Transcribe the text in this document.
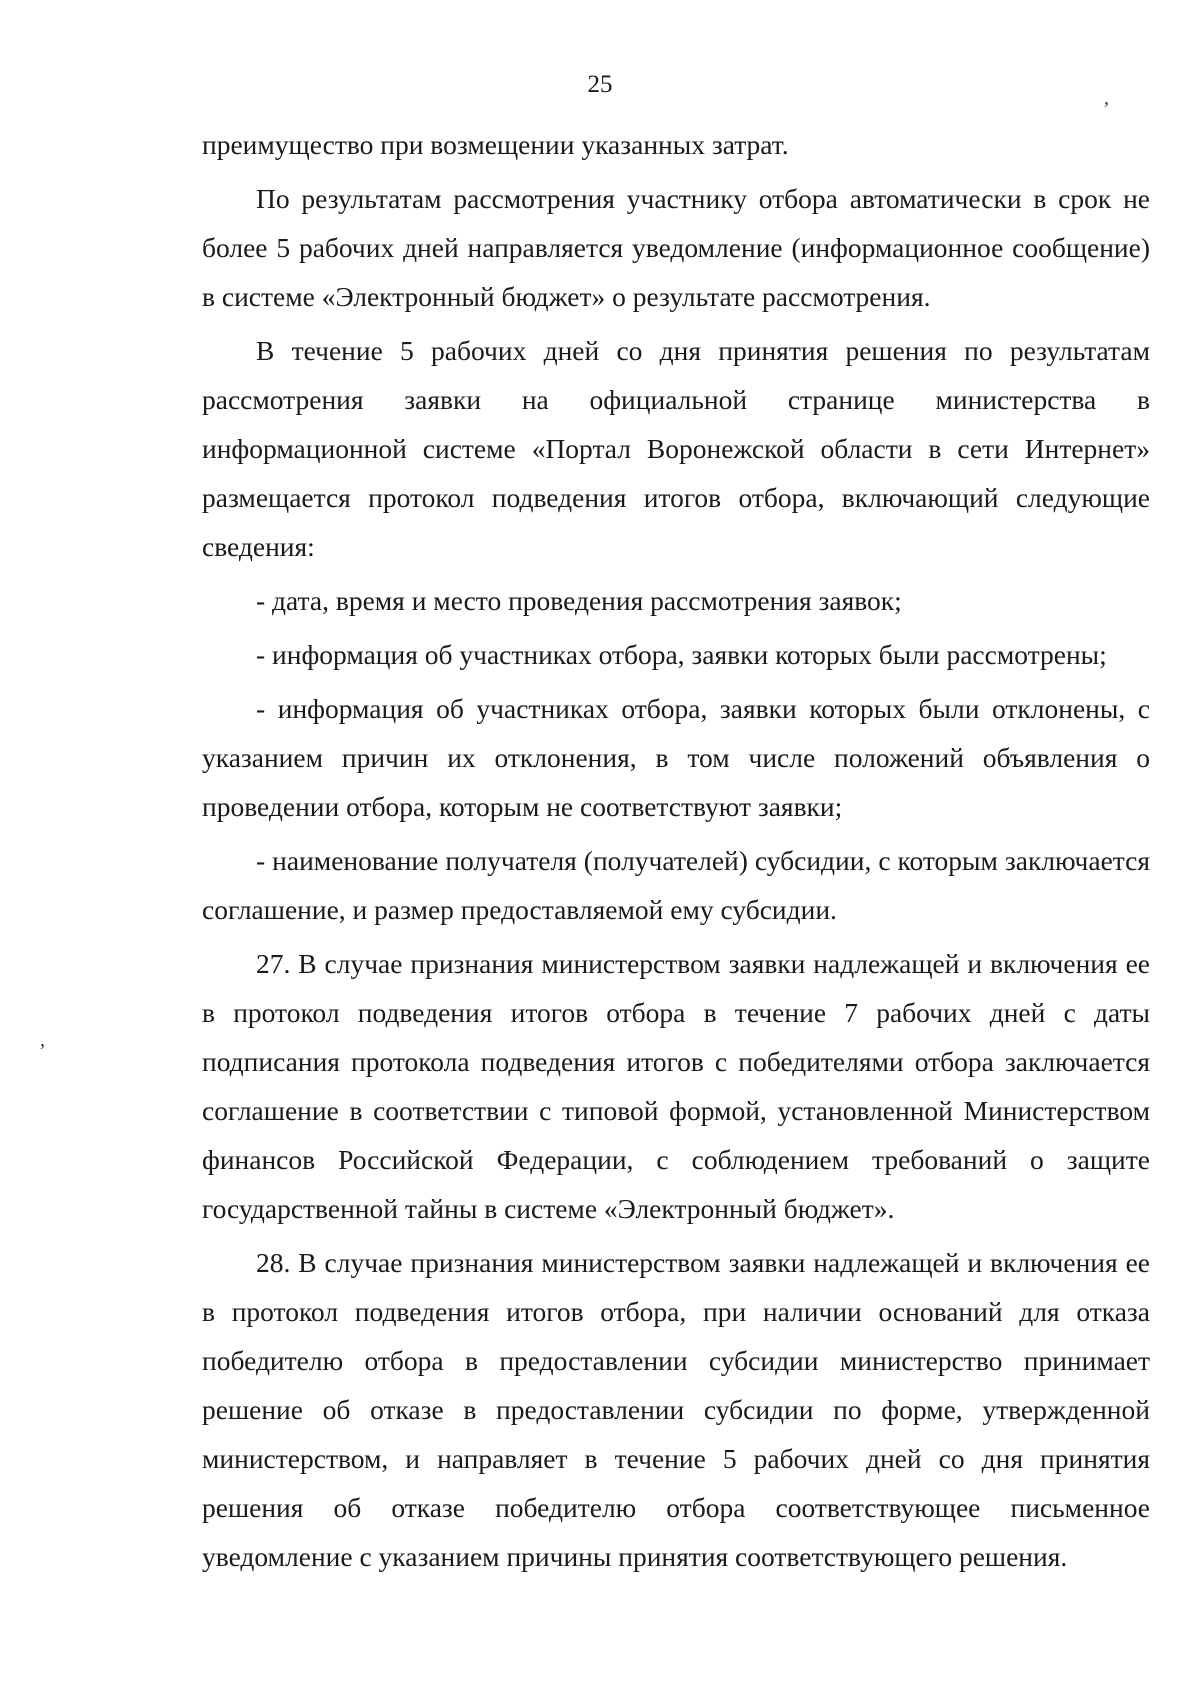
25	,
,

преимущество при возмещении указанных затрат.

По результатам рассмотрения участнику отбора автоматически в срок не более 5 рабочих дней направляется уведомление (информационное сообщение) в системе «Электронный бюджет» о результате рассмотрения.

В течение 5 рабочих дней со дня принятия решения по результатам рассмотрения заявки на официальной странице министерства в информационной системе «Портал Воронежской области в сети Интернет» размещается протокол подведения итогов отбора, включающий следующие сведения:

- дата, время и место проведения рассмотрения заявок;

- информация об участниках отбора, заявки которых были рассмотрены;

- информация об участниках отбора, заявки которых были отклонены, с указанием причин их отклонения, в том числе положений объявления о проведении отбора, которым не соответствуют заявки;

- наименование получателя (получателей) субсидии, с которым заключается соглашение, и размер предоставляемой ему субсидии.

27. В случае признания министерством заявки надлежащей и включения ее в протокол подведения итогов отбора в течение 7 рабочих дней с даты подписания протокола подведения итогов с победителями отбора заключается соглашение в соответствии с типовой формой, установленной Министерством финансов Российской Федерации, с соблюдением требований о защите государственной тайны в системе «Электронный бюджет».

28. В случае признания министерством заявки надлежащей и включения ее в протокол подведения итогов отбора, при наличии оснований для отказа победителю отбора в предоставлении субсидии министерство принимает решение об отказе в предоставлении субсидии по форме, утвержденной министерством, и направляет в течение 5 рабочих дней со дня принятия решения об отказе победителю отбора соответствующее письменное уведомление с указанием причины принятия соответствующего решения.
